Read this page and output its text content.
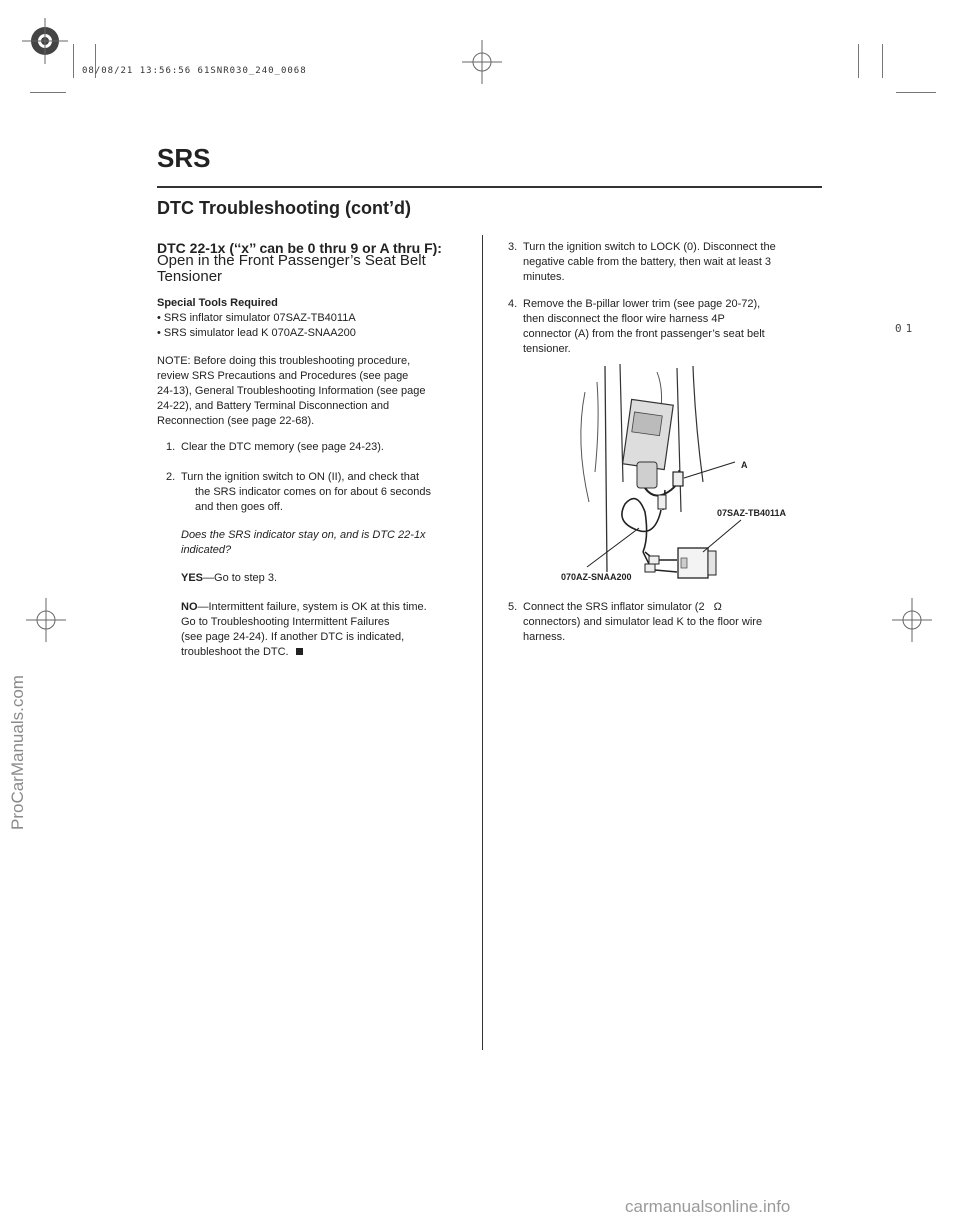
08/08/21 13:56:56 61SNR030_240_0068
SRS
DTC Troubleshooting (cont’d)
DTC 22-1x (‘‘x’’ can be 0 thru 9 or A thru F):
Open in the Front Passenger’s Seat Belt Tensioner
Special Tools Required
• SRS inflator simulator 07SAZ-TB4011A
• SRS simulator lead K 070AZ-SNAA200
NOTE: Before doing this troubleshooting procedure,
review SRS Precautions and Procedures (see page
24-13), General Troubleshooting Information (see page
24-22), and Battery Terminal Disconnection and
Reconnection (see page 22-68).
1. Clear the DTC memory (see page 24-23).
2. Turn the ignition switch to ON (II), and check that
the SRS indicator comes on for about 6 seconds
and then goes off.
Does the SRS indicator stay on, and is DTC 22-1x
indicated?
YES—Go to step 3.
NO—Intermittent failure, system is OK at this time.
Go to Troubleshooting Intermittent Failures
(see page 24-24). If another DTC is indicated,
troubleshoot the DTC.
3. Turn the ignition switch to LOCK (0). Disconnect the
negative cable from the battery, then wait at least 3
minutes.
4. Remove the B-pillar lower trim (see page 20-72),
then disconnect the floor wire harness 4P
connector (A) from the front passenger’s seat belt
tensioner.
A
07SAZ-TB4011A
070AZ-SNAA200
5. Connect the SRS inflator simulator (2 Ω
connectors) and simulator lead K to the floor wire
harness.
01
ProCarManuals.com
carmanualsonline.info
